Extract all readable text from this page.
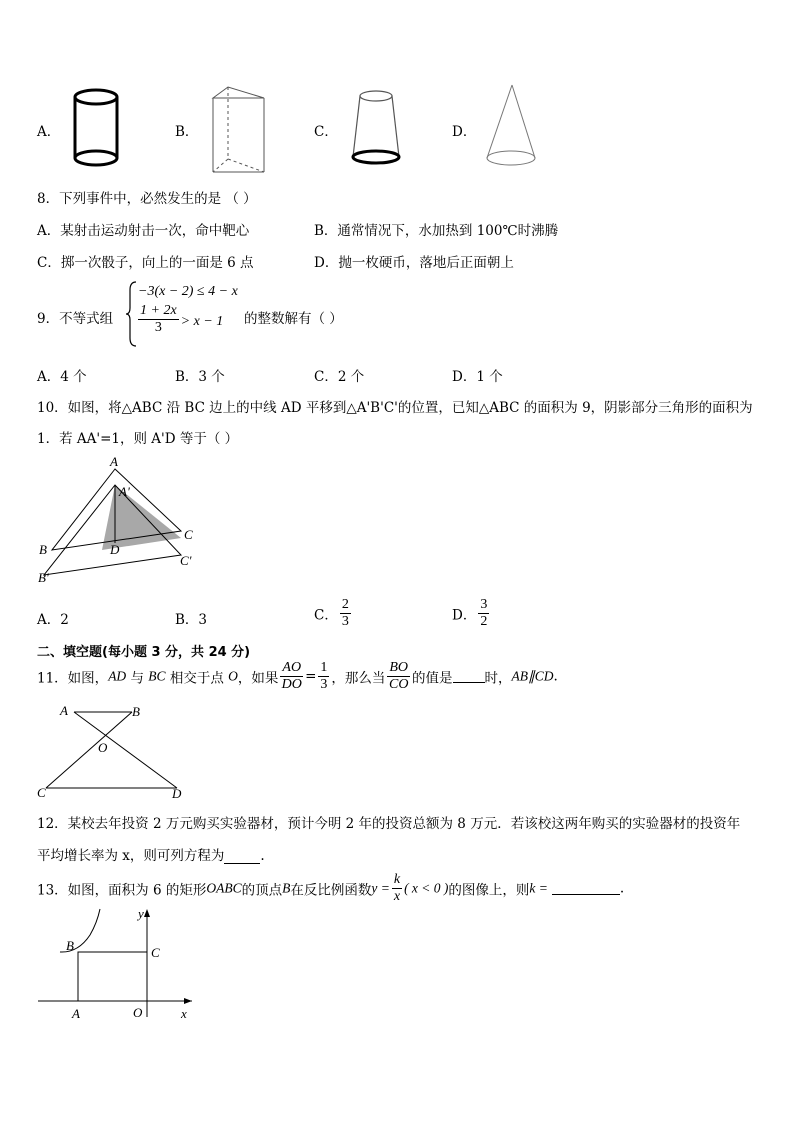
A．	B．	C．	D．
8．下列事件中，必然发生的是 （ ）
A．某射击运动射击一次，命中靶心	B．通常情况下，水加热到 100℃时沸腾
C．掷一次骰子，向上的一面是 6 点	D．抛一枚硬币，落地后正面朝上
9．不等式组
−3(x − 2) ≤ 4 − x
$\frac{1 + 2x}{3} > x - 1$ 的整数解有（ ）
A．4 个	B．3 个	C．2 个	D．1 个
10．如图，将△ABC 沿 BC 边上的中线 AD 平移到△A'B'C'的位置，已知△ABC 的面积为 9，阴影部分三角形的面积为
1．若 AA'=1，则 A'D 等于（ ）
A
A'
B
B'
C
C'
D
A．2	B．3	C． $\frac{2}{3}$	D． $\frac{3}{2}$
二、填空题(每小题 3 分，共 24 分)
11．如图，AD 与 BC 相交于点 O，如果 $\frac{AO}{DO} = \frac{1}{3}$ ，那么当 $\frac{BO}{CO}$ 的值是 时，AB∥CD.
A	B
O
C	D
12．某校去年投资 2 万元购买实验器材，预计今明 2 年的投资总额为 8 万元．若该校这两年购买的实验器材的投资年
平均增长率为 x，则可列方程为	.
13．如图，面积为 6 的矩形OABC的顶点B在反比例函数$y = \frac{k}{x}$ ( x < 0 )的图像上，则k =	.
y
x
B	C
A	O
